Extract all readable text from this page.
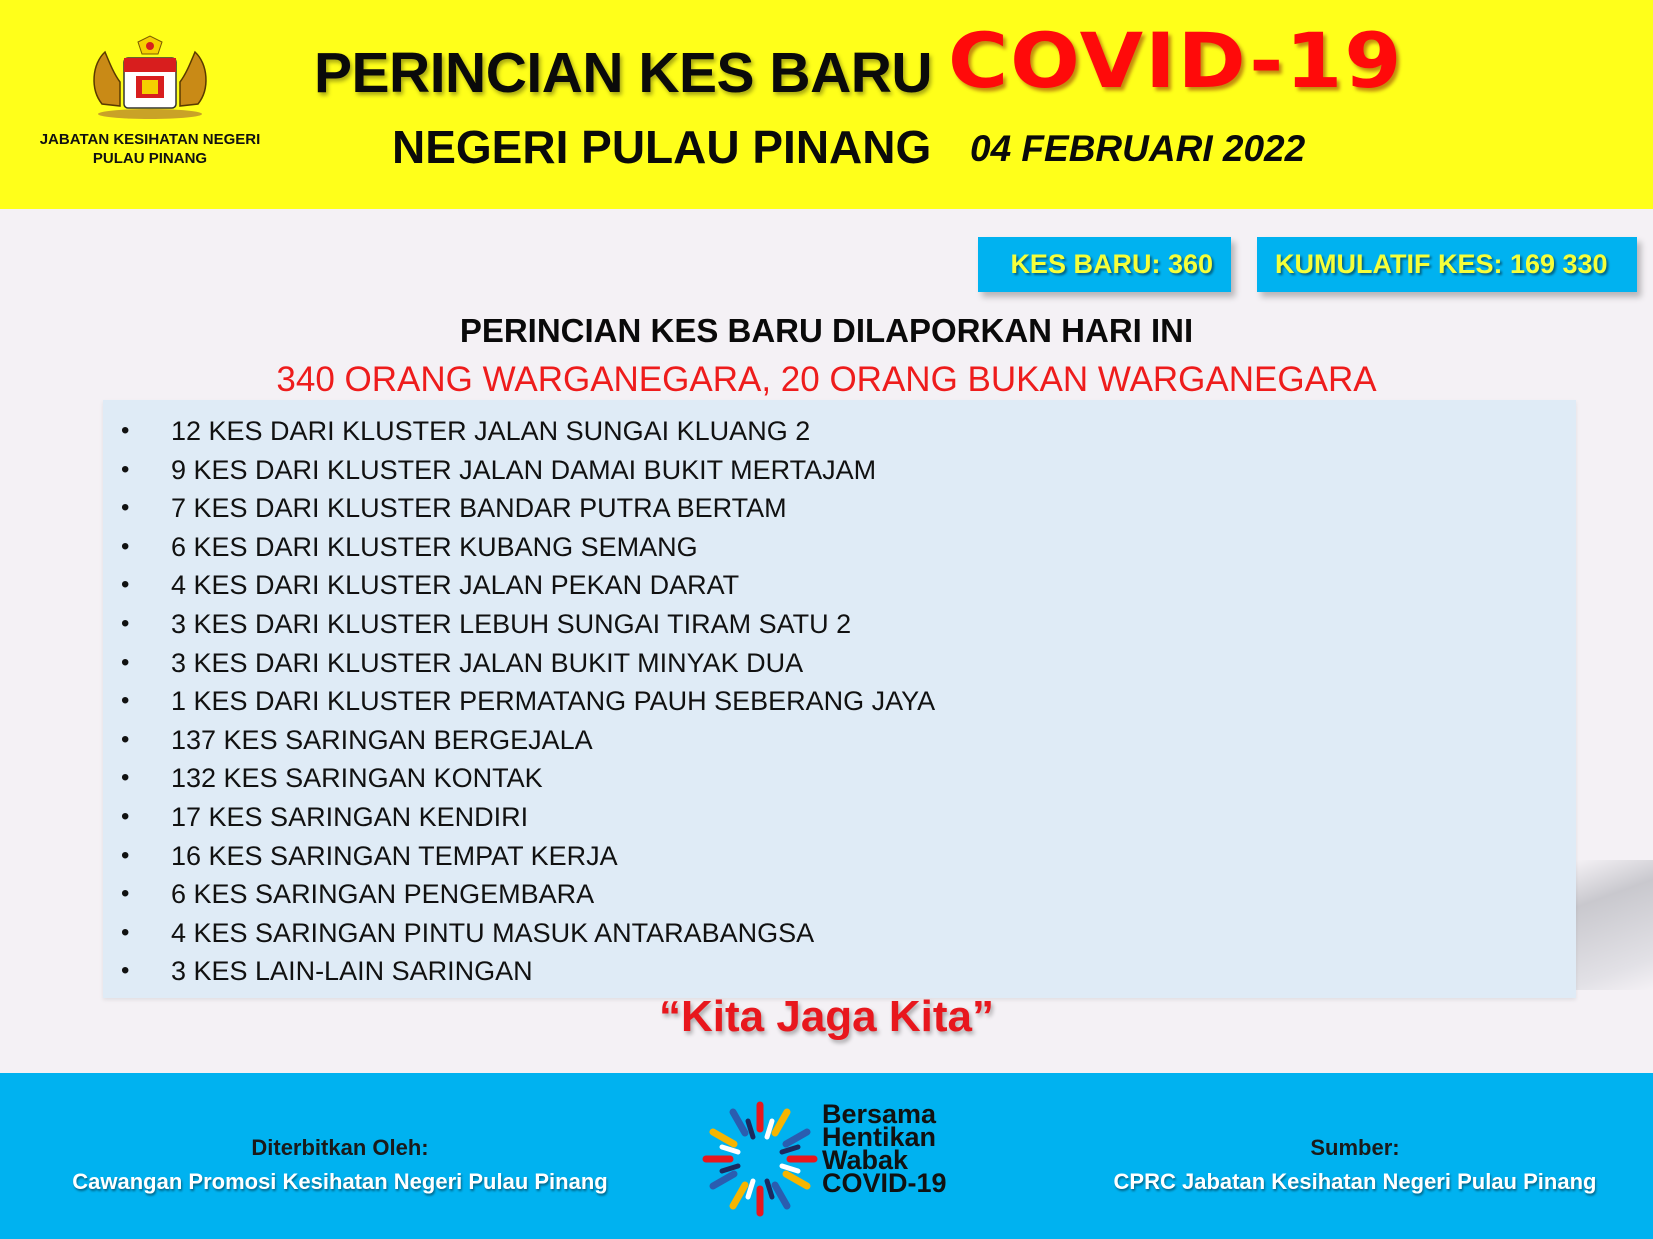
JABATAN KESIHATAN NEGERI
PULAU PINANG
PERINCIAN KES BARU COVID-19
NEGERI PULAU PINANG 04 FEBRUARI 2022
KES BARU: 360	KUMULATIF KES: 169 330
PERINCIAN KES BARU DILAPORKAN HARI INI
340 ORANG WARGANEGARA, 20 ORANG BUKAN WARGANEGARA
• 12 KES DARI KLUSTER JALAN SUNGAI KLUANG 2
• 9 KES DARI KLUSTER JALAN DAMAI BUKIT MERTAJAM
• 7 KES DARI KLUSTER BANDAR PUTRA BERTAM
• 6 KES DARI KLUSTER KUBANG SEMANG
• 4 KES DARI KLUSTER JALAN PEKAN DARAT
• 3 KES DARI KLUSTER LEBUH SUNGAI TIRAM SATU 2
• 3 KES DARI KLUSTER JALAN BUKIT MINYAK DUA
• 1 KES DARI KLUSTER PERMATANG PAUH SEBERANG JAYA
• 137 KES SARINGAN BERGEJALA
• 132 KES SARINGAN KONTAK
• 17 KES SARINGAN KENDIRI
• 16 KES SARINGAN TEMPAT KERJA
• 6 KES SARINGAN PENGEMBARA
• 4 KES SARINGAN PINTU MASUK ANTARABANGSA
• 3 KES LAIN-LAIN SARINGAN
“Kita Jaga Kita”
Diterbitkan Oleh:
Cawangan Promosi Kesihatan Negeri Pulau Pinang
Bersama
Hentikan
Wabak
COVID-19
Sumber:
CPRC Jabatan Kesihatan Negeri Pulau Pinang
